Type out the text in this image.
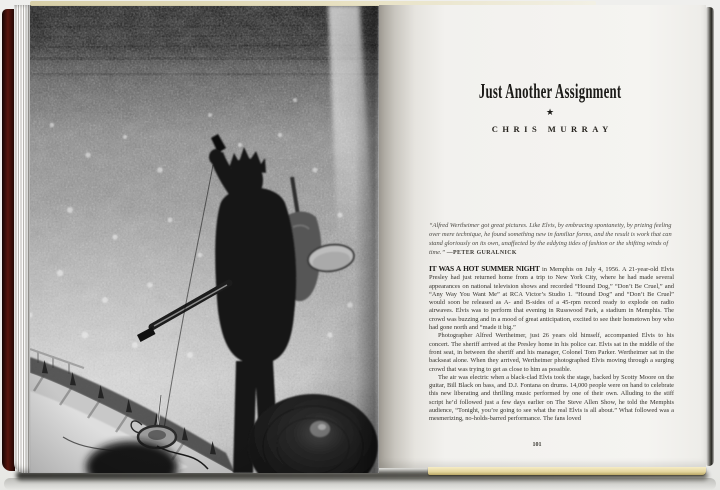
Just Another Assignment
★
CHRIS MURRAY
“Alfred Wertheimer got great pictures. Like Elvis, by embracing spontaneity, by prizing feeling over mere technique, he found something new in familiar forms, and the result is work that can stand gloriously on its own, unaffected by the eddying tides of fashion or the shifting winds of time.” —PETER GURALNICK

IT WAS A HOT SUMMER NIGHT in Memphis on July 4, 1956. A 21-year-old Elvis Presley had just returned home from a trip to New York City, where he had made several appearances on national television shows and recorded “Hound Dog,” “Don’t Be Cruel,” and “Any Way You Want Me” at RCA Victor’s Studio 1. “Hound Dog” and “Don’t Be Cruel” would soon be released as A- and B-sides of a 45-rpm record ready to explode on radio airwaves. Elvis was to perform that evening in Russwood Park, a stadium in Memphis. The crowd was buzzing and in a mood of great anticipation, excited to see their hometown boy who had gone north and “made it big.”

Photographer Alfred Wertheimer, just 26 years old himself, accompanied Elvis to his concert. The sheriff arrived at the Presley home in his police car. Elvis sat in the middle of the front seat, in between the sheriff and his manager, Colonel Tom Parker. Wertheimer sat in the backseat alone. When they arrived, Wertheimer photographed Elvis moving through a surging crowd that was trying to get as close to him as possible.

The air was electric when a black-clad Elvis took the stage, backed by Scotty Moore on the guitar, Bill Black on bass, and D.J. Fontana on drums. 14,000 people were on hand to celebrate this new liberating and thrilling music performed by one of their own. Alluding to the stiff script he’d followed just a few days earlier on The Steve Allen Show, he told the Memphis audience, “Tonight, you’re going to see what the real Elvis is all about.” What followed was a mesmerizing, no-holds-barred performance. The fans loved

101
